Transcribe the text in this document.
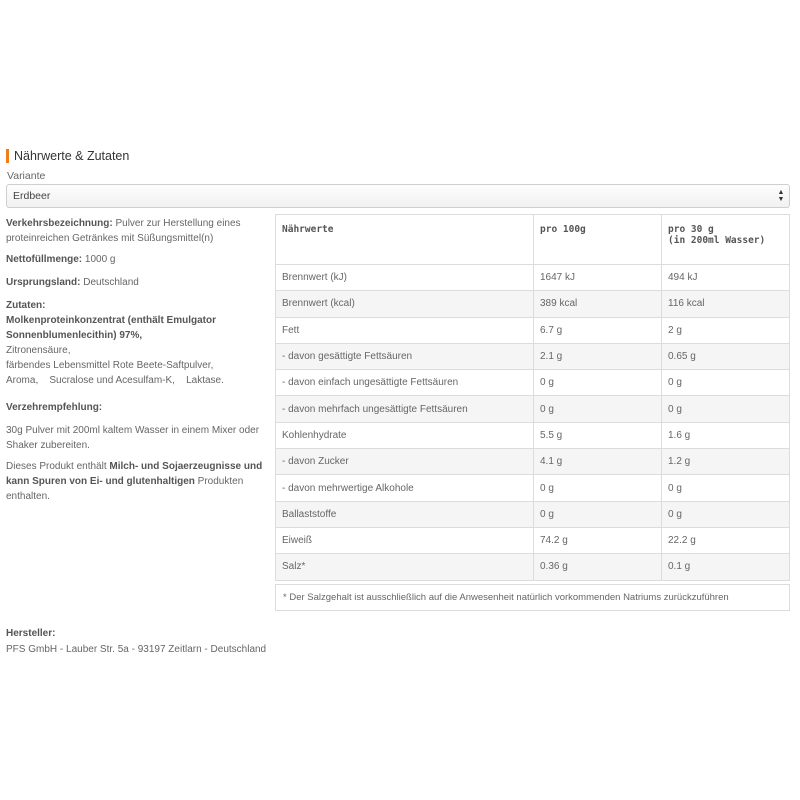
Nährwerte & Zutaten
Variante
Erdbeer	▲
▼

Verkehrsbezeichnung: Pulver zur Herstellung eines proteinreichen Getränkes mit Süßungsmittel(n)

Nettofüllmenge: 1000 g

Ursprungsland: Deutschland

Zutaten:

Molkenproteinkonzentrat (enthält Emulgator Sonnenblumenlecithin) 97%,

Zitronensäure,

färbendes Lebensmittel Rote Beete-Saftpulver,

Aroma,    Sucralose und Acesulfam-K,    Laktase.

Verzehrempfehlung:

30g Pulver mit 200ml kaltem Wasser in einem Mixer oder Shaker zubereiten.

Dieses Produkt enthält Milch- und Sojaerzeugnisse und kann Spuren von Ei- und glutenhaltigen Produkten enthalten.

Nährwerte	pro 100g	pro 30 g
(in 200ml Wasser)
Brennwert (kJ)	1647 kJ	494 kJ
Brennwert (kcal)	389 kcal	116 kcal
Fett	6.7 g	2 g
- davon gesättigte Fettsäuren	2.1 g	0.65 g
- davon einfach ungesättigte Fettsäuren	0 g	0 g
- davon mehrfach ungesättigte Fettsäuren	0 g	0 g
Kohlenhydrate	5.5 g	1.6 g
- davon Zucker	4.1 g	1.2 g
- davon mehrwertige Alkohole	0 g	0 g
Ballaststoffe	0 g	0 g
Eiweiß	74.2 g	22.2 g
Salz*	0.36 g	0.1 g
* Der Salzgehalt ist ausschließlich auf die Anwesenheit natürlich vorkommenden Natriums zurückzuführen
Hersteller:
PFS GmbH - Lauber Str. 5a - 93197 Zeitlarn - Deutschland
